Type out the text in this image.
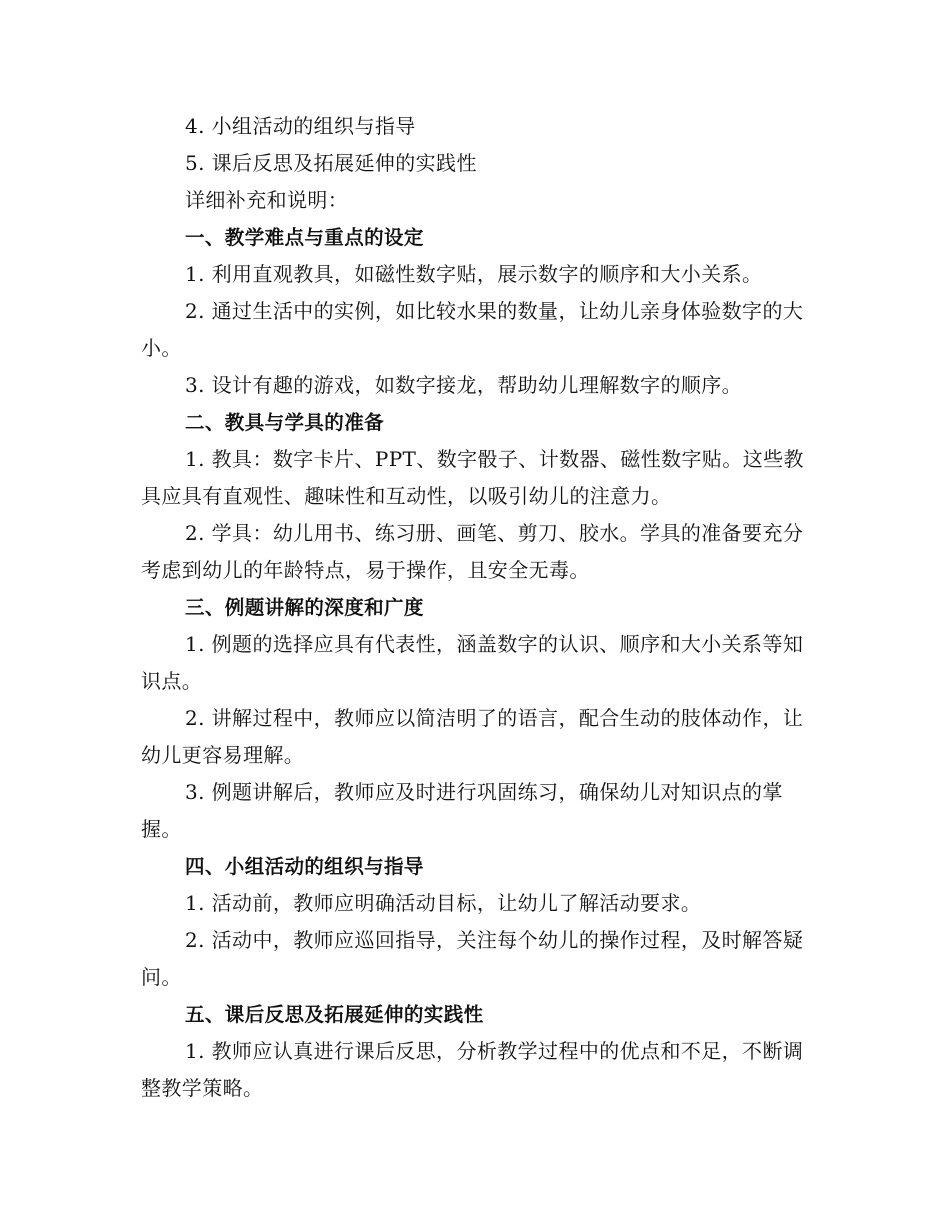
4. 小组活动的组织与指导

5. 课后反思及拓展延伸的实践性

详细补充和说明：

一、教学难点与重点的设定

1. 利用直观教具，如磁性数字贴，展示数字的顺序和大小关系。

2. 通过生活中的实例，如比较水果的数量，让幼儿亲身体验数字的大小。

3. 设计有趣的游戏，如数字接龙，帮助幼儿理解数字的顺序。

二、教具与学具的准备

1. 教具：数字卡片、PPT、数字骰子、计数器、磁性数字贴。这些教具应具有直观性、趣味性和互动性，以吸引幼儿的注意力。

2. 学具：幼儿用书、练习册、画笔、剪刀、胶水。学具的准备要充分考虑到幼儿的年龄特点，易于操作，且安全无毒。

三、例题讲解的深度和广度

1. 例题的选择应具有代表性，涵盖数字的认识、顺序和大小关系等知识点。

2. 讲解过程中，教师应以简洁明了的语言，配合生动的肢体动作，让幼儿更容易理解。

3. 例题讲解后，教师应及时进行巩固练习，确保幼儿对知识点的掌握。

四、小组活动的组织与指导

1. 活动前，教师应明确活动目标，让幼儿了解活动要求。

2. 活动中，教师应巡回指导，关注每个幼儿的操作过程，及时解答疑问。

五、课后反思及拓展延伸的实践性

1. 教师应认真进行课后反思，分析教学过程中的优点和不足，不断调整教学策略。
